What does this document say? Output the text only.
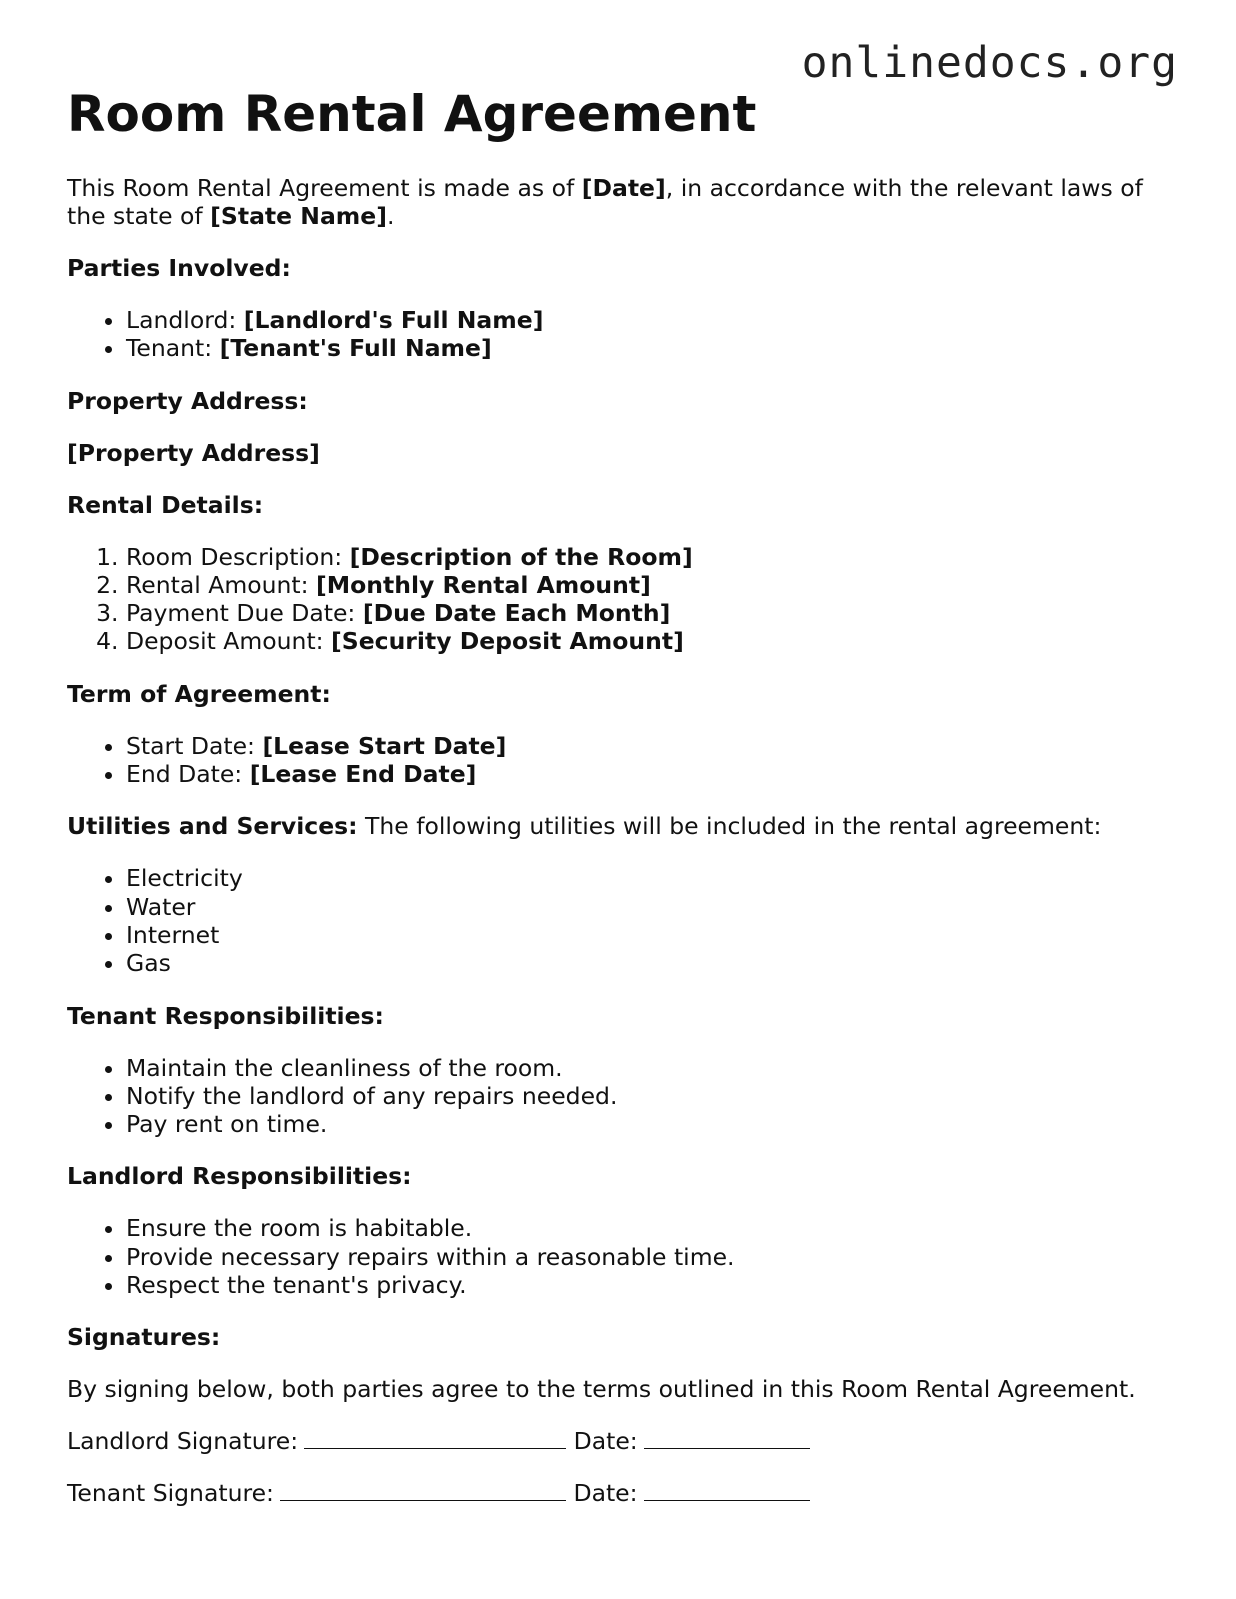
onlinedocs.org
Room Rental Agreement

This Room Rental Agreement is made as of [Date], in accordance with the relevant laws of the state of [State Name].

Parties Involved:

• Landlord: [Landlord's Full Name]
• Tenant: [Tenant's Full Name]

Property Address:

[Property Address]

Rental Details:

1. Room Description: [Description of the Room]
2. Rental Amount: [Monthly Rental Amount]
3. Payment Due Date: [Due Date Each Month]
4. Deposit Amount: [Security Deposit Amount]

Term of Agreement:

• Start Date: [Lease Start Date]
• End Date: [Lease End Date]

Utilities and Services: The following utilities will be included in the rental agreement:

• Electricity
• Water
• Internet
• Gas

Tenant Responsibilities:

• Maintain the cleanliness of the room.
• Notify the landlord of any repairs needed.
• Pay rent on time.

Landlord Responsibilities:

• Ensure the room is habitable.
• Provide necessary repairs within a reasonable time.
• Respect the tenant's privacy.

Signatures:

By signing below, both parties agree to the terms outlined in this Room Rental Agreement.

Landlord Signature:	Date:

Tenant Signature:	Date:
